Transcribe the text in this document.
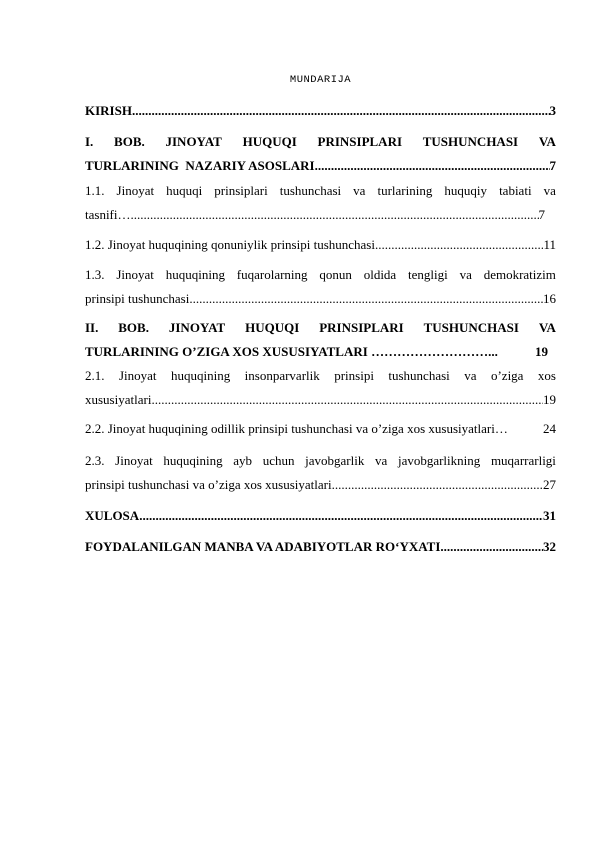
MUNDARIJA
KIRISH .....	3
I. BOB. JINOYAT HUQUQI PRINSIPLARI TUSHUNCHASI VA
TURLARINING  NAZARIY ASOSLARI .....	7
1.1. Jinoyat huquqi prinsiplari tushunchasi va turlarining huquqiy tabiati va
tasnifi… .....	7
1.2. Jinoyat huquqining qonuniylik prinsipi tushunchasi .....	11
1.3. Jinoyat huquqining fuqarolarning qonun oldida tengligi va demokratizim
prinsipi tushunchasi .....	16
II. BOB. JINOYAT HUQUQI PRINSIPLARI TUSHUNCHASI VA
TURLARINING O’ZIGA XOS XUSUSIYATLARI ………………………...	19
2.1. Jinoyat huquqining insonparvarlik prinsipi tushunchasi va o’ziga xos
xususiyatlari .....	19
2.2. Jinoyat huquqining odillik prinsipi tushunchasi va o’ziga xos xususiyatlari…	24
2.3. Jinoyat huquqining ayb uchun javobgarlik va javobgarlikning muqarrarligi
prinsipi tushunchasi va o’ziga xos xususiyatlari .....	27
XULOSA .....	31
FOYDALANILGAN MANBA VA ADABIYOTLAR RO‘YXATI .....	32
